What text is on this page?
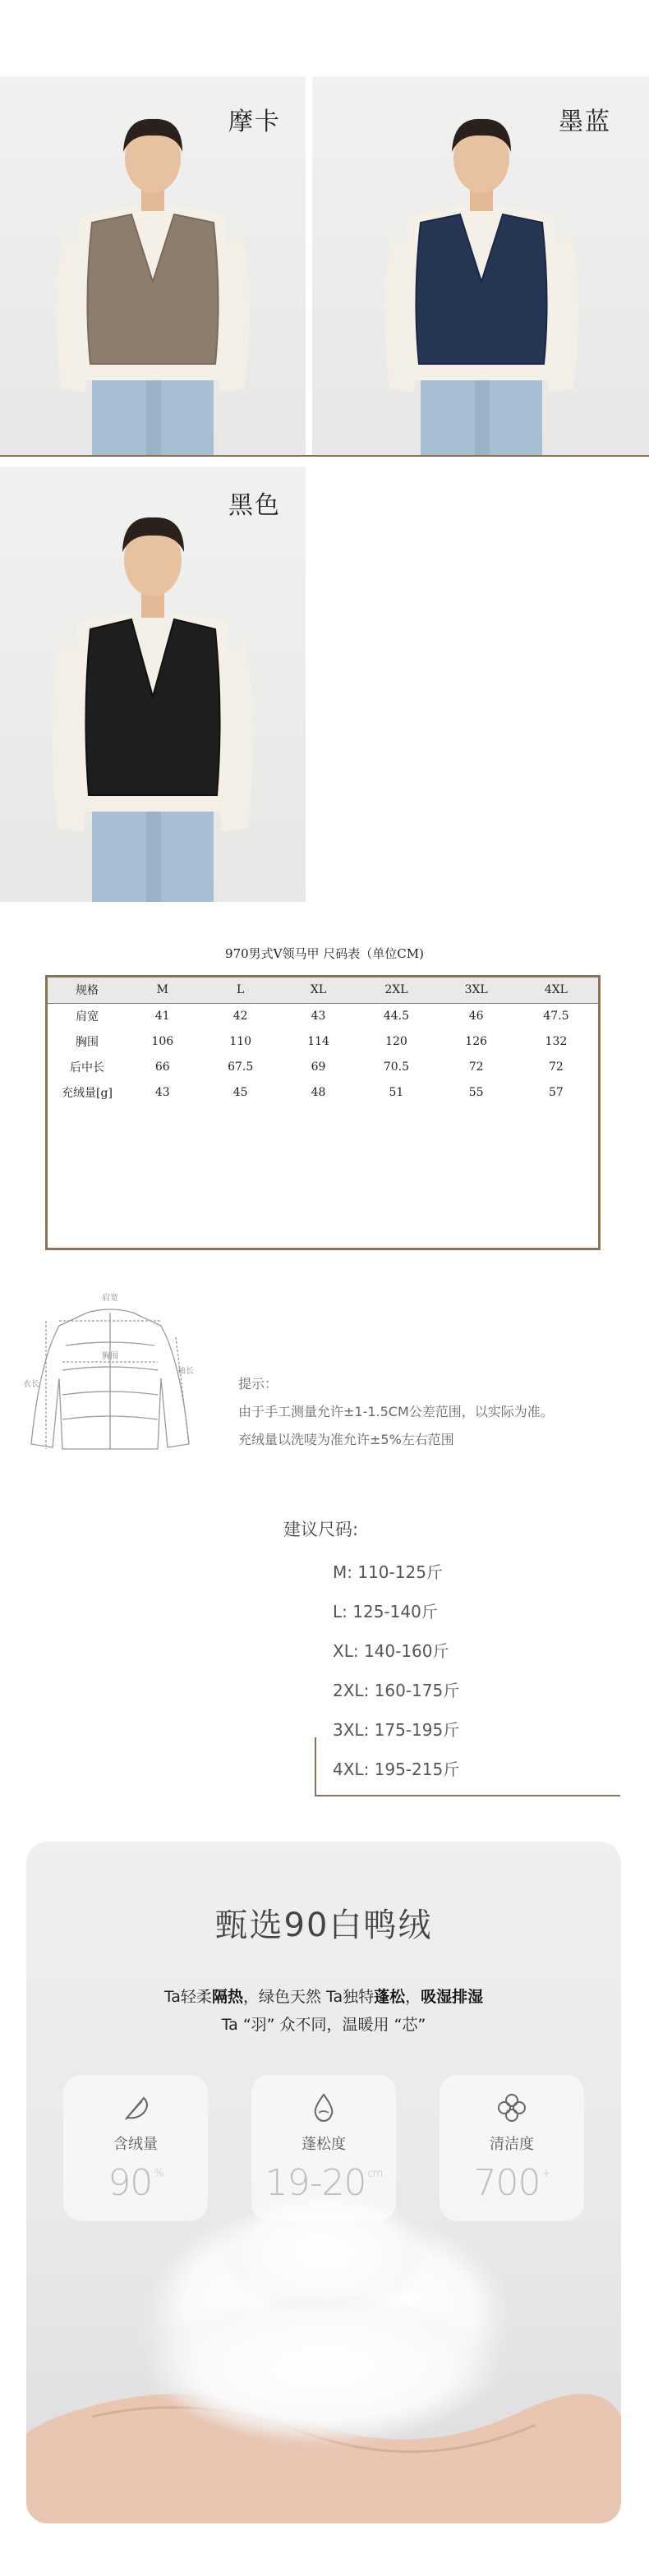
摩卡	墨蓝
黑色
970男式V领马甲 尺码表（单位CM)
规格	M	L	XL	2XL	3XL	4XL
肩宽	41	42	43	44.5	46	47.5
胸围	106	110	114	120	126	132
后中长	66	67.5	69	70.5	72	72
充绒量[g]	43	45	48	51	55	57
肩宽
胸围
衣长
袖长
提示：
由于手工测量允许±1-1.5CM公差范围，以实际为准。
充绒量以洗唛为准允许±5%左右范围
建议尺码:
M: 110-125斤
L: 125-140斤
XL: 140-160斤
2XL: 160-175斤
3XL: 175-195斤
4XL: 195-215斤
甄选90白鸭绒
Ta轻柔隔热，绿色天然 Ta独特蓬松，吸湿排湿
Ta “羽” 众不同，温暖用 “芯”
含绒量
90 %
蓬松度
19-20 $^{cm}$
清洁度
700 +
